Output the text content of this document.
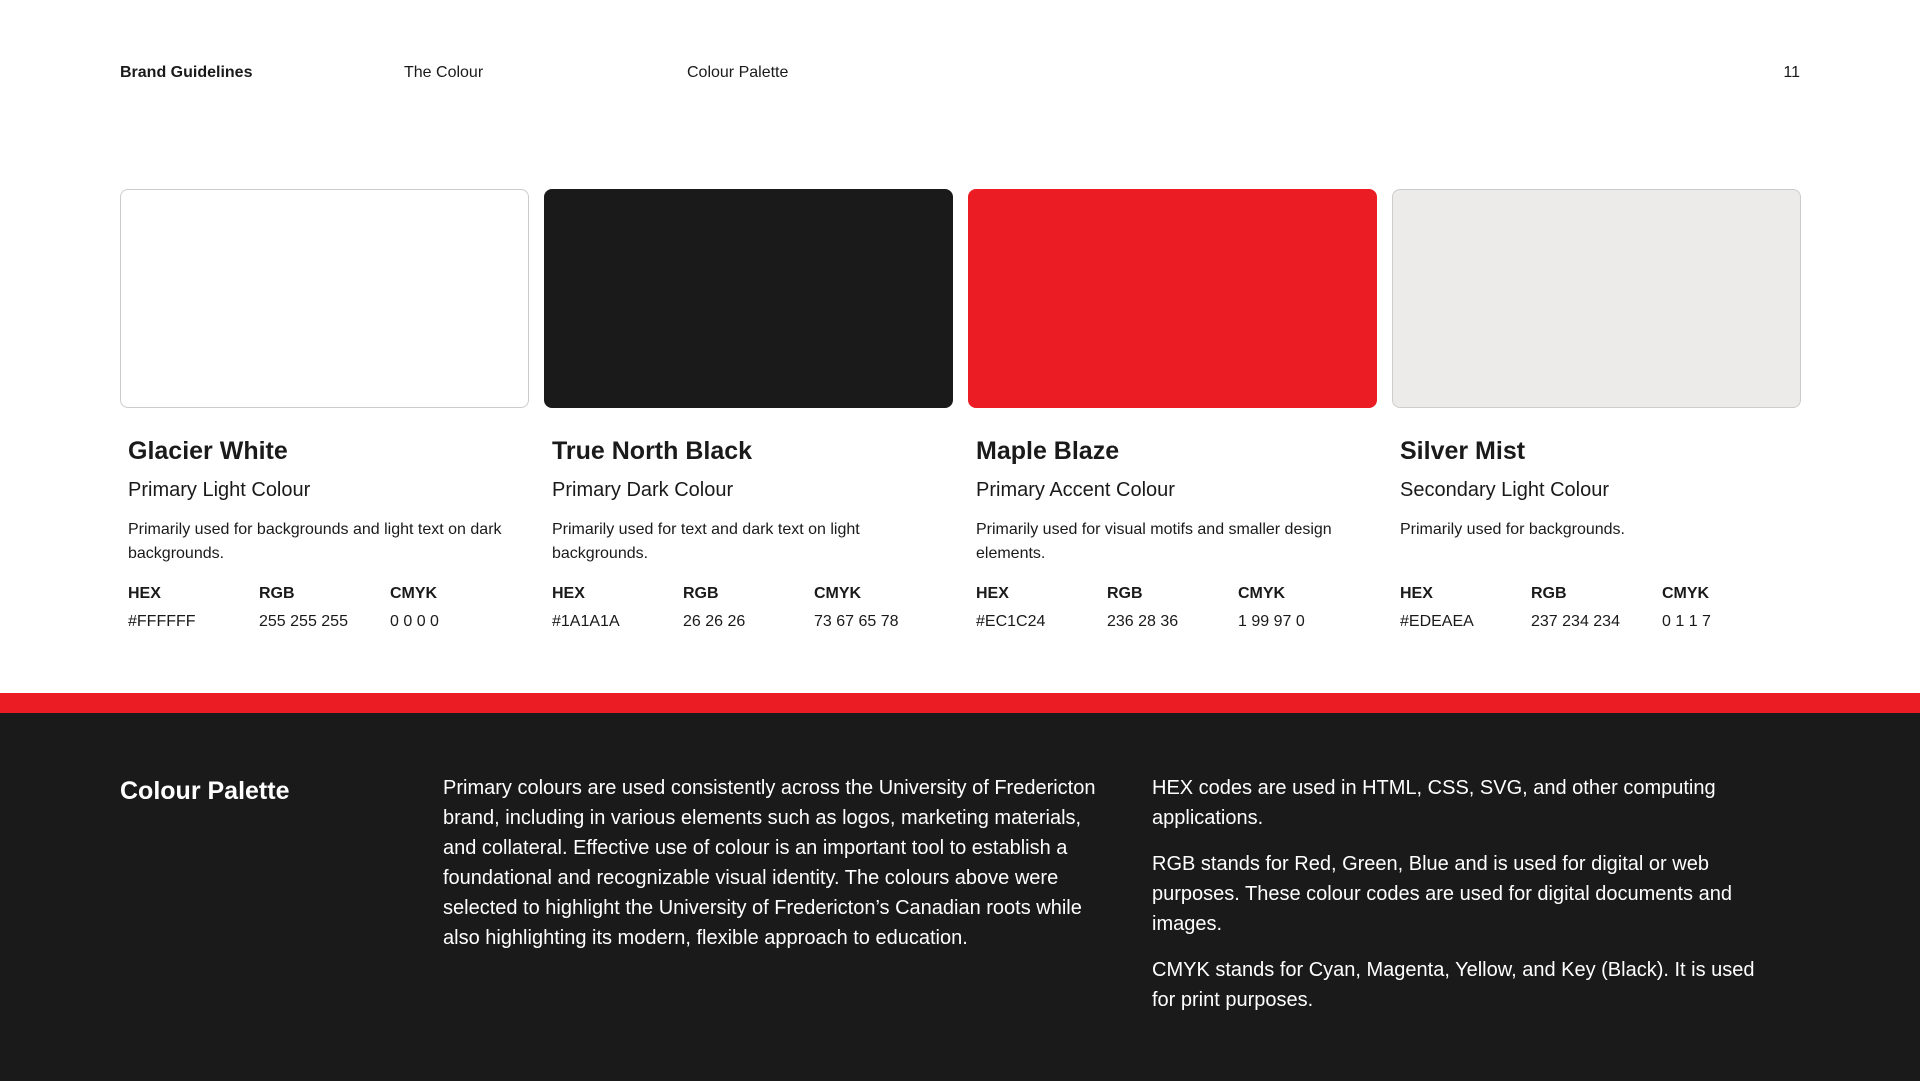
Brand Guidelines	The Colour	Colour Palette	11
Glacier White
Primary Light Colour
Primarily used for backgrounds and light text on dark backgrounds.
HEX
#FFFFFF
RGB
255 255 255
CMYK
0 0 0 0
True North Black
Primary Dark Colour
Primarily used for text and dark text on light backgrounds.
HEX
#1A1A1A
RGB
26 26 26
CMYK
73 67 65 78
Maple Blaze
Primary Accent Colour
Primarily used for visual motifs and smaller design elements.
HEX
#EC1C24
RGB
236 28 36
CMYK
1 99 97 0
Silver Mist
Secondary Light Colour
Primarily used for backgrounds.
HEX
#EDEAEA
RGB
237 234 234
CMYK
0 1 1 7
Colour Palette	Primary colours are used consistently across the University of Fredericton brand, including in various elements such as logos, marketing materials, and collateral. Effective use of colour is an important tool to establish a foundational and recognizable visual identity. The colours above were selected to highlight the University of Fredericton’s Canadian roots while also highlighting its modern, flexible approach to education.

HEX codes are used in HTML, CSS, SVG, and other computing applications.

RGB stands for Red, Green, Blue and is used for digital or web purposes. These colour codes are used for digital documents and images.

CMYK stands for Cyan, Magenta, Yellow, and Key (Black). It is used for print purposes.
